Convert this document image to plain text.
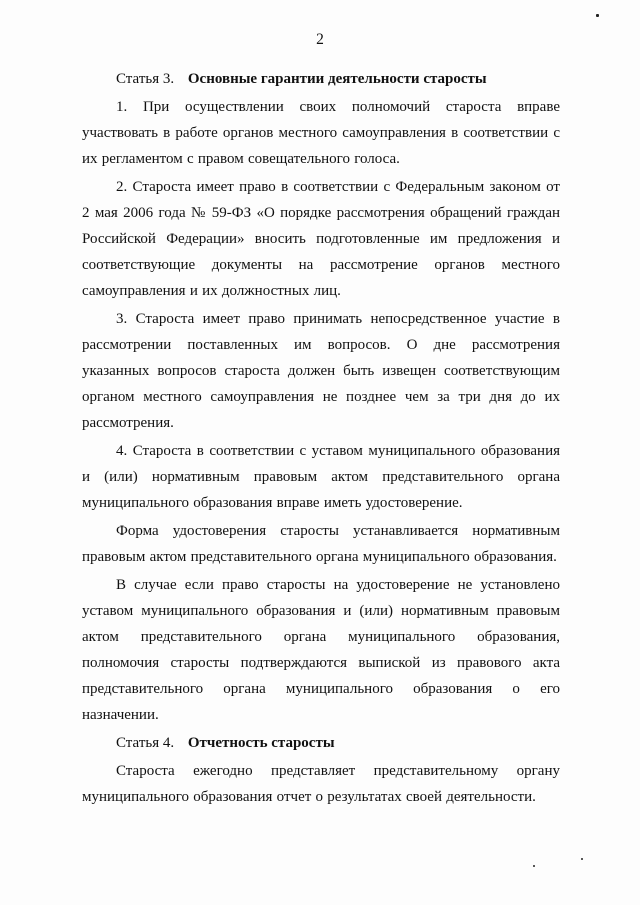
2

Статья 3. Основные гарантии деятельности старосты

1. При осуществлении своих полномочий староста вправе участвовать в работе органов местного самоуправления в соответствии с их регламентом с правом совещательного голоса.

2. Староста имеет право в соответствии с Федеральным законом от 2 мая 2006 года № 59-ФЗ «О порядке рассмотрения обращений граждан Российской Федерации» вносить подготовленные им предложения и соответствующие документы на рассмотрение органов местного самоуправления и их должностных лиц.

3. Староста имеет право принимать непосредственное участие в рассмотрении поставленных им вопросов. О дне рассмотрения указанных вопросов староста должен быть извещен соответствующим органом местного самоуправления не позднее чем за три дня до их рассмотрения.

4. Староста в соответствии с уставом муниципального образования и (или) нормативным правовым актом представительного органа муниципального образования вправе иметь удостоверение.

Форма удостоверения старосты устанавливается нормативным правовым актом представительного органа муниципального образования.

В случае если право старосты на удостоверение не установлено уставом муниципального образования и (или) нормативным правовым актом представительного органа муниципального образования, полномочия старосты подтверждаются выпиской из правового акта представительного органа муниципального образования о его назначении.

Статья 4. Отчетность старосты

Староста ежегодно представляет представительному органу муниципального образования отчет о результатах своей деятельности.
